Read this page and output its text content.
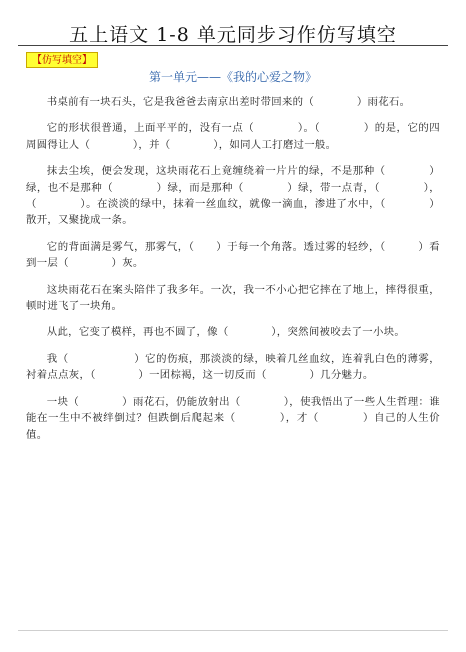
五上语文 1-8 单元同步习作仿写填空
【仿写填空】
第一单元——《我的心爱之物》

书桌前有一块石头，它是我爸爸去南京出差时带回来的（　　　　）雨花石。

它的形状很普通，上面平平的，没有一点（　　　　）。（　　　　）的是，它的四周圆得让人（　　　　），并（　　　　），如同人工打磨过一般。

抹去尘埃，便会发现，这块雨花石上竟缠绕着一片片的绿，不是那种（　　　　）绿，也不是那种（　　　　）绿，而是那种（　　　　）绿，带一点青，（　　　　），（　　　　）。在淡淡的绿中，抹着一丝血纹，就像一滴血，渗进了水中，（　　　　）散开，又聚拢成一条。

它的背面满是雾气，那雾气，（　　）于每一个角落。透过雾的轻纱，（　　　）看到一层（　　　　）灰。

这块雨花石在案头陪伴了我多年。一次，我一不小心把它摔在了地上，摔得很重，顿时迸飞了一块角。

从此，它变了模样，再也不圆了，像（　　　　），突然间被咬去了一小块。

我（　　　　　　）它的伤痕，那淡淡的绿，映着几丝血纹，连着乳白色的薄雾，衬着点点灰，（　　　　）一团棕褐，这一切反而（　　　　）几分魅力。

一块（　　　　）雨花石，仍能放射出（　　　　），使我悟出了一些人生哲理：谁能在一生中不被绊倒过？但跌倒后爬起来（　　　　），才（　　　　）自己的人生价值。
